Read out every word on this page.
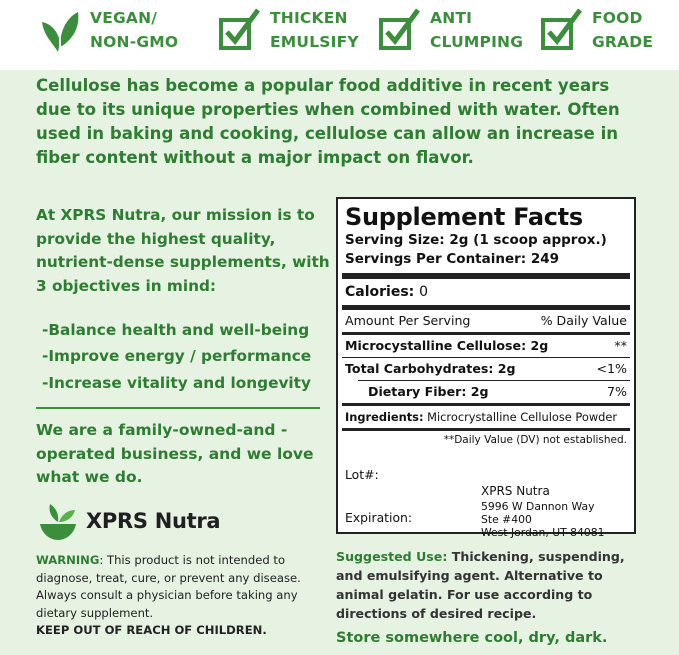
VEGAN/
NON-GMO
THICKEN
EMULSIFY
ANTI
CLUMPING
FOOD
GRADE
Cellulose has become a popular food additive in recent years due to its unique properties when combined with water. Often used in baking and cooking, cellulose can allow an increase in fiber content without a major impact on flavor.
At XPRS Nutra, our mission is to provide the highest quality, nutrient-dense supplements, with 3 objectives in mind:
-Balance health and well-being
-Improve energy / performance
-Increase vitality and longevity
We are a family-owned-and -operated business, and we love what we do.
XPRS Nutra
WARNING: This product is not intended to diagnose, treat, cure, or prevent any disease. Always consult a physician before taking any dietary supplement.
KEEP OUT OF REACH OF CHILDREN.
Supplement Facts
Serving Size: 2g (1 scoop approx.)
Servings Per Container: 249
Calories: 0
Amount Per Serving	% Daily Value
Microcystalline Cellulose: 2g	**
Total Carbohydrates: 2g	<1%
Dietary Fiber: 2g	7%
Ingredients: Microcrystalline Cellulose Powder
**Daily Value (DV) not established.
Lot#:
Expiration:
XPRS Nutra
5996 W Dannon Way
Ste #400
West Jordan, UT 84081
Suggested Use: Thickening, suspending, and emulsifying agent. Alternative to animal gelatin. For use according to directions of desired recipe.
Store somewhere cool, dry, dark.
